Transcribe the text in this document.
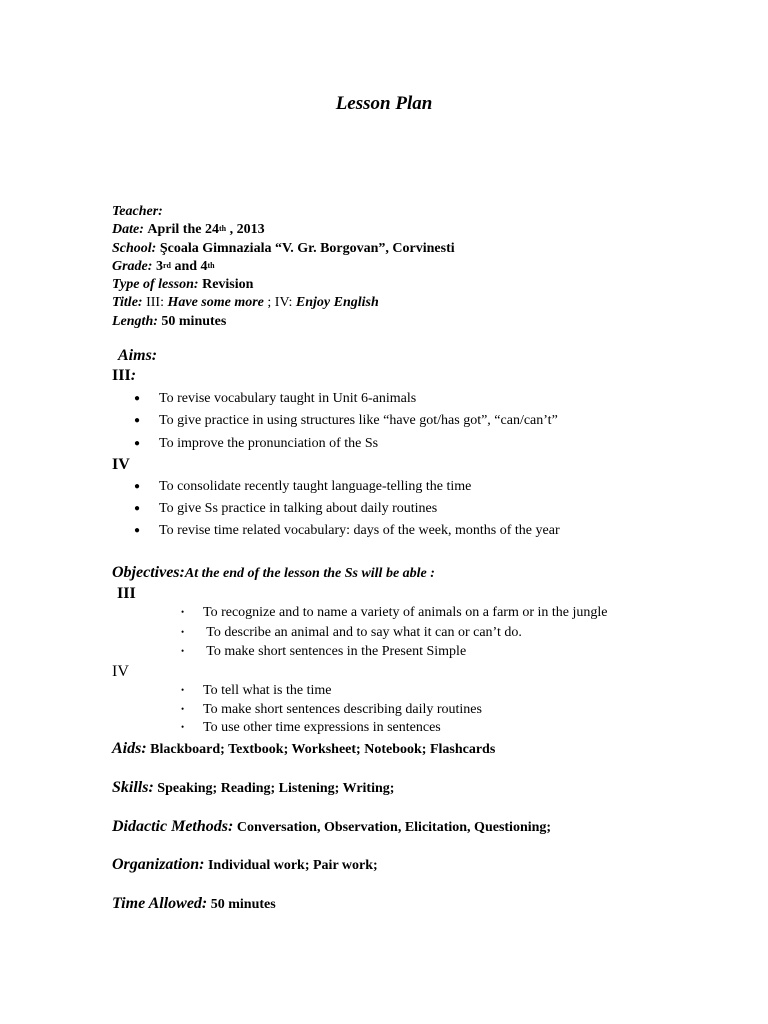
Lesson Plan
Teacher:
Date: April the 24th , 2013
School: Şcoala Gimnaziala “V. Gr. Borgovan”, Corvinesti
Grade: 3rd and 4th
Type of lesson: Revision
Title: III: Have some more ; IV: Enjoy English
Length: 50 minutes
Aims:
III:
● To revise vocabulary taught in Unit 6-animals
● To give practice in using structures like “have got/has got”, “can/can’t”
● To improve the pronunciation of the Ss
IV
● To consolidate recently taught language-telling the time
● To give Ss practice in talking about daily routines
● To revise time related vocabulary: days of the week, months of the year
Objectives:At the end of the lesson the Ss will be able :
III
• To recognize and to name a variety of animals on a farm or in the jungle
• To describe an animal and to say what it can or can’t do.
• To make short sentences in the Present Simple
IV
• To tell what is the time
• To make short sentences describing daily routines
• To use other time expressions in sentences
Aids: Blackboard; Textbook; Worksheet; Notebook; Flashcards
Skills: Speaking; Reading; Listening; Writing;
Didactic Methods: Conversation, Observation, Elicitation, Questioning;
Organization: Individual work; Pair work;
Time Allowed: 50 minutes
